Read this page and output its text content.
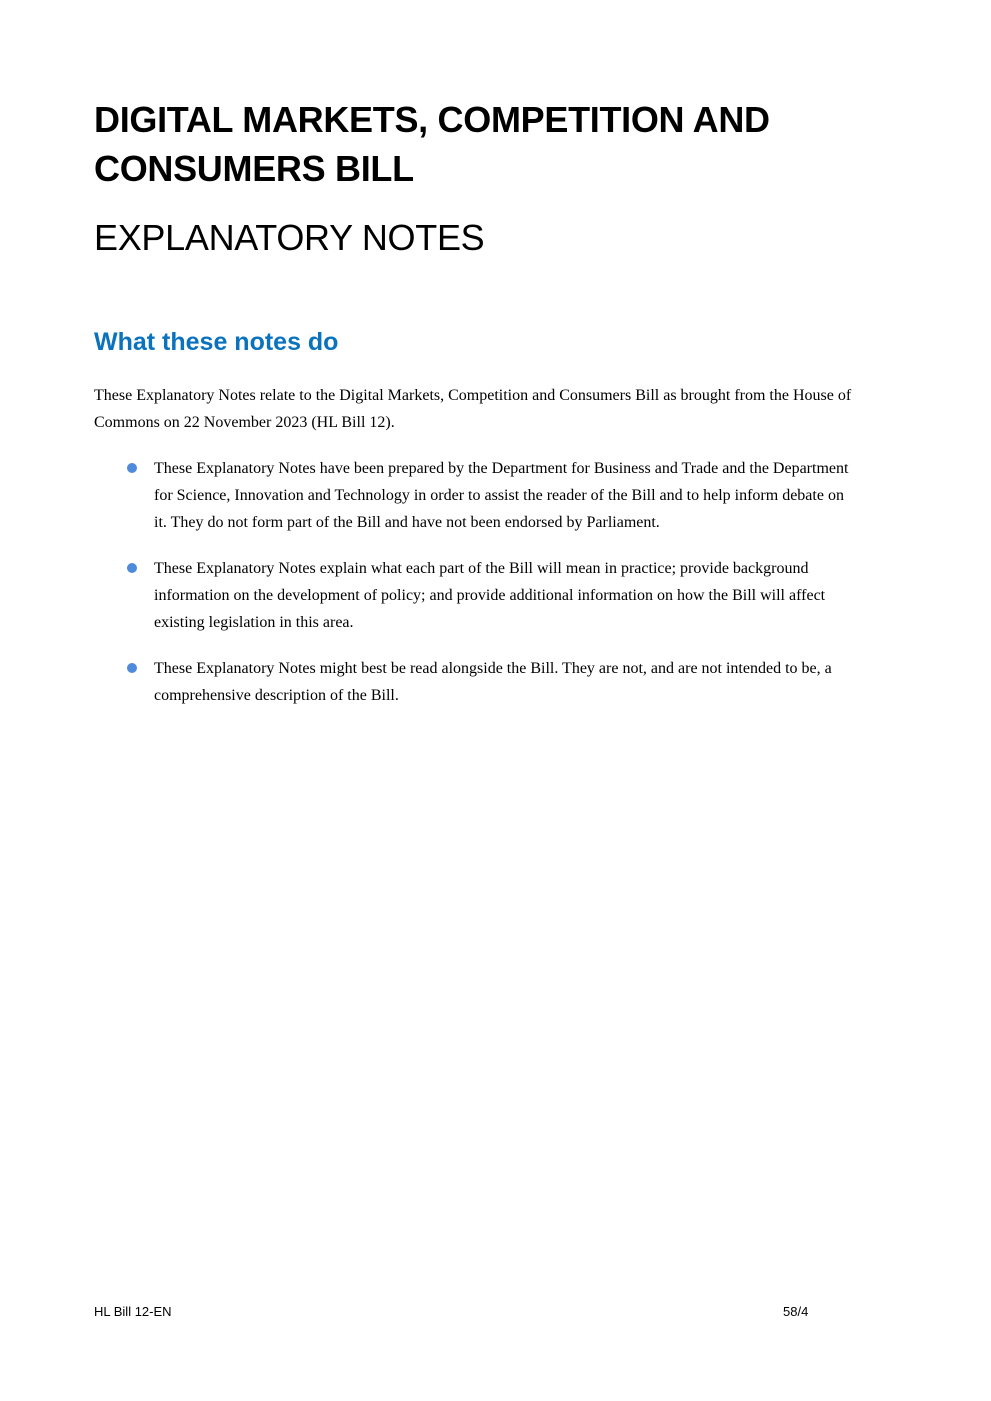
DIGITAL MARKETS, COMPETITION AND CONSUMERS BILL
EXPLANATORY NOTES
What these notes do

These Explanatory Notes relate to the Digital Markets, Competition and Consumers Bill as brought from the House of Commons on 22 November 2023 (HL Bill 12).

These Explanatory Notes have been prepared by the Department for Business and Trade and the Department for Science, Innovation and Technology in order to assist the reader of the Bill and to help inform debate on it. They do not form part of the Bill and have not been endorsed by Parliament.
These Explanatory Notes explain what each part of the Bill will mean in practice; provide background information on the development of policy; and provide additional information on how the Bill will affect existing legislation in this area.
These Explanatory Notes might best be read alongside the Bill. They are not, and are not intended to be, a comprehensive description of the Bill.
HL Bill 12-EN	58/4
